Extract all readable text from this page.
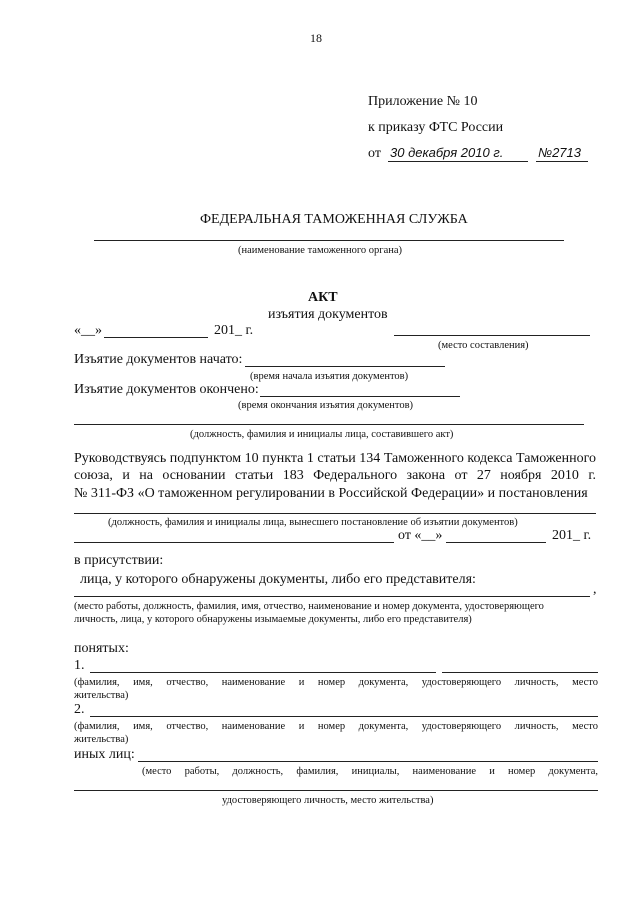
18
Приложение № 10
к приказу ФТС России
от 30 декабря 2010 г.	№2713
ФЕДЕРАЛЬНАЯ ТАМОЖЕННАЯ СЛУЖБА
(наименование таможенного органа)
АКТ
изъятия документов
«__»	201_ г.
(место составления)
Изъятие документов начато:
(время начала изъятия документов)
Изъятие документов окончено:
(время окончания изъятия документов)
(должность, фамилия и инициалы лица, составившего акт)
Руководствуясь подпунктом 10 пункта 1 статьи 134 Таможенного кодекса Таможенного
союза, и на основании статьи 183 Федерального закона от 27 ноября 2010 г.
№ 311-ФЗ «О таможенном регулировании в Российской Федерации» и постановления
(должность, фамилия и инициалы лица, вынесшего постановление об изъятии документов)
от «__»	201_ г.
в присутствии:
лица, у которого обнаружены документы, либо его представителя:
,
(место работы, должность, фамилия, имя, отчество, наименование и номер документа, удостоверяющего
личность, лица, у которого обнаружены изымаемые документы, либо его представителя)
понятых:
1.
(фамилия, имя, отчество, наименование и номер документа, удостоверяющего личность, место
жительства)
2.
(фамилия, имя, отчество, наименование и номер документа, удостоверяющего личность, место
жительства)
иных лиц:
(место работы, должность, фамилия, инициалы, наименование и номер документа,
удостоверяющего личность, место жительства)
